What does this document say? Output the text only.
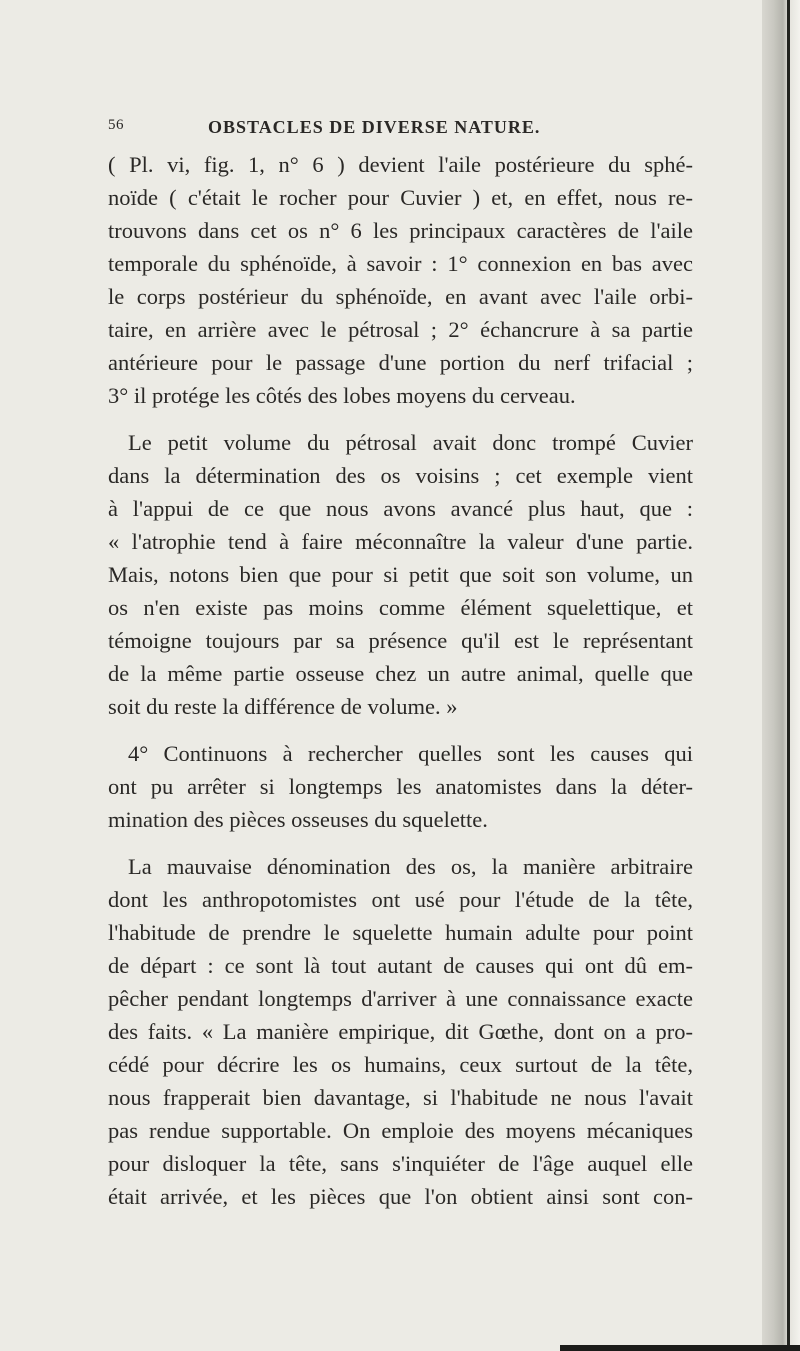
56	OBSTACLES DE DIVERSE NATURE.
( Pl. vi, fig. 1, n° 6 ) devient l'aile postérieure du sphé-
noïde ( c'était le rocher pour Cuvier ) et, en effet, nous re-
trouvons dans cet os n° 6 les principaux caractères de l'aile
temporale du sphénoïde, à savoir : 1° connexion en bas avec
le corps postérieur du sphénoïde, en avant avec l'aile orbi-
taire, en arrière avec le pétrosal ; 2° échancrure à sa partie
antérieure pour le passage d'une portion du nerf trifacial ;
3° il protége les côtés des lobes moyens du cerveau.
Le petit volume du pétrosal avait donc trompé Cuvier
dans la détermination des os voisins ; cet exemple vient
à l'appui de ce que nous avons avancé plus haut, que :
« l'atrophie tend à faire méconnaître la valeur d'une partie.
Mais, notons bien que pour si petit que soit son volume, un
os n'en existe pas moins comme élément squelettique, et
témoigne toujours par sa présence qu'il est le représentant
de la même partie osseuse chez un autre animal, quelle que
soit du reste la différence de volume. »
4° Continuons à rechercher quelles sont les causes qui
ont pu arrêter si longtemps les anatomistes dans la déter-
mination des pièces osseuses du squelette.
La mauvaise dénomination des os, la manière arbitraire
dont les anthropotomistes ont usé pour l'étude de la tête,
l'habitude de prendre le squelette humain adulte pour point
de départ : ce sont là tout autant de causes qui ont dû em-
pêcher pendant longtemps d'arriver à une connaissance exacte
des faits. « La manière empirique, dit Gœthe, dont on a pro-
cédé pour décrire les os humains, ceux surtout de la tête,
nous frapperait bien davantage, si l'habitude ne nous l'avait
pas rendue supportable. On emploie des moyens mécaniques
pour disloquer la tête, sans s'inquiéter de l'âge auquel elle
était arrivée, et les pièces que l'on obtient ainsi sont con-
